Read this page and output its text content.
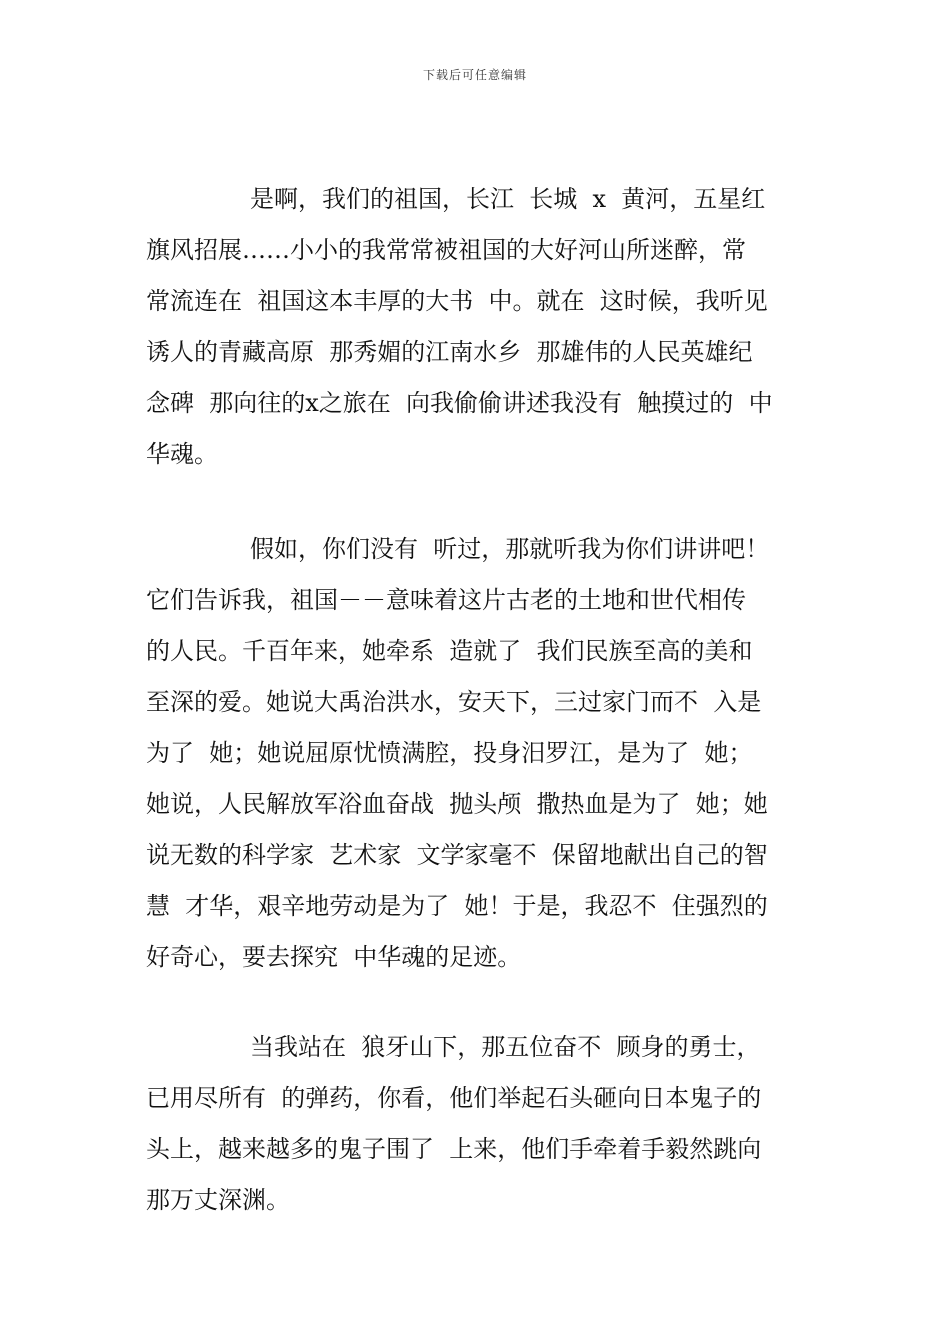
下载后可任意编辑
是啊，我们的祖国，长江  长城  x  黄河，五星红
旗风招展……小小的我常常被祖国的大好河山所迷醉，常
常流连在  祖国这本丰厚的大书  中。就在  这时候，我听见
诱人的青藏高原  那秀媚的江南水乡  那雄伟的人民英雄纪
念碑  那向往的x之旅在  向我偷偷讲述我没有  触摸过的  中
华魂。
假如，你们没有  听过，那就听我为你们讲讲吧！
它们告诉我，祖国－－意味着这片古老的土地和世代相传
的人民。千百年来，她牵系  造就了  我们民族至高的美和
至深的爱。她说大禹治洪水，安天下，三过家门而不  入是
为了  她；她说屈原忧愤满腔，投身汨罗江，是为了  她；
她说，人民解放军浴血奋战  抛头颅  撒热血是为了  她；她
说无数的科学家  艺术家  文学家毫不  保留地献出自己的智
慧  才华，艰辛地劳动是为了  她！于是，我忍不  住强烈的
好奇心，要去探究  中华魂的足迹。
当我站在  狼牙山下，那五位奋不  顾身的勇士，
已用尽所有  的弹药，你看，他们举起石头砸向日本鬼子的
头上，越来越多的鬼子围了  上来，他们手牵着手毅然跳向
那万丈深渊。
